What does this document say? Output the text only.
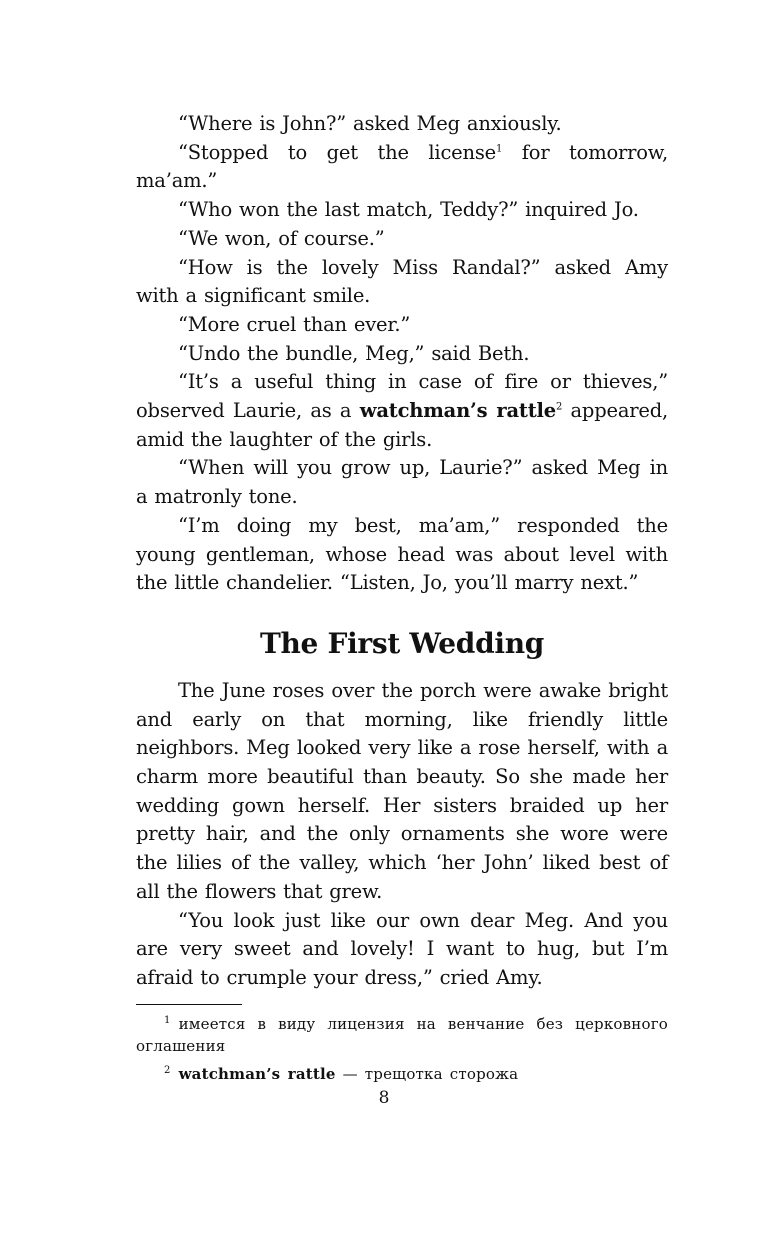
“Where is John?” asked Meg anxiously.

“Stopped to get the license$^1$ for tomorrow, ma’am.”

“Who won the last match, Teddy?” inquired Jo.

“We won, of course.”

“How is the lovely Miss Randal?” asked Amy with a significant smile.

“More cruel than ever.”

“Undo the bundle, Meg,” said Beth.

“It’s a useful thing in case of fire or thieves,” observed Laurie, as a watchman’s rattle$^2$ appeared, amid the laughter of the girls.

“When will you grow up, Laurie?” asked Meg in a matronly tone.

“I’m doing my best, ma’am,” responded the young gentleman, whose head was about level with the little chandelier. “Listen, Jo, you’ll marry next.”

The First Wedding

The June roses over the porch were awake bright and early on that morning, like friendly little neighbors. Meg looked very like a rose herself, with a charm more beautiful than beauty. So she made her wedding gown herself. Her sisters braided up her pretty hair, and the only ornaments she wore were the lilies of the valley, which ‘her John’ liked best of all the flowers that grew.

“You look just like our own dear Meg. And you are very sweet and lovely! I want to hug, but I’m afraid to crumple your dress,” cried Amy.

$^1$ имеется в виду лицензия на венчание без церковного оглашения

$^2$ watchman’s rattle — трещотка сторожа

8
